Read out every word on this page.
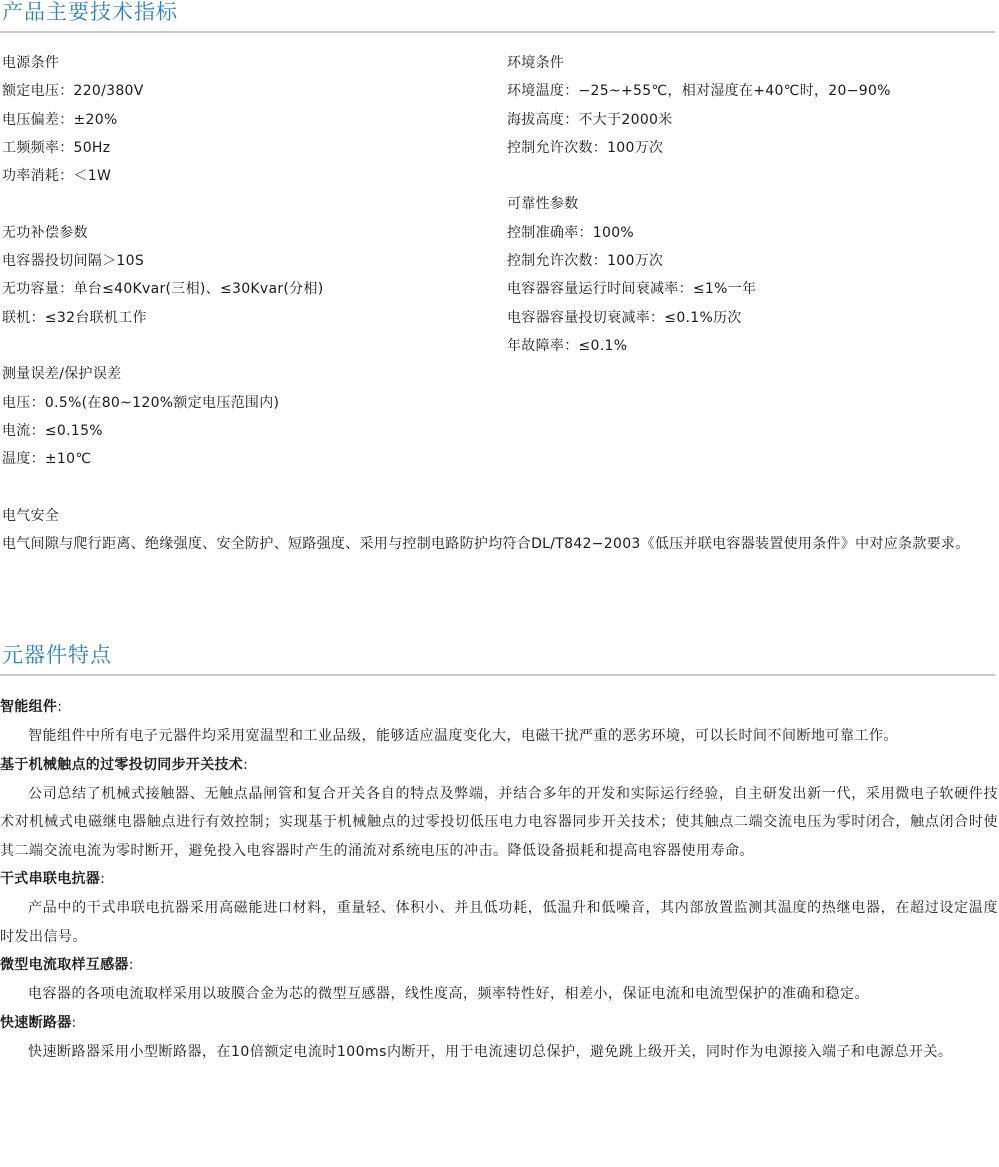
产品主要技术指标
电源条件
额定电压：220/380V
电压偏差：±20%
工频频率：50Hz
功率消耗：＜1W
无功补偿参数
电容器投切间隔＞10S
无功容量：单台≤40Kvar(三相)、≤30Kvar(分相)
联机：≤32台联机工作
测量误差/保护误差
电压：0.5%(在80~120%额定电压范围内)
电流：≤0.15%
温度：±10℃
电气安全
电气间隙与爬行距离、绝缘强度、安全防护、短路强度、采用与控制电路防护均符合DL/T842−2003《低压并联电容器装置使用条件》中对应条款要求。
环境条件
环境温度：−25~+55℃，相对湿度在+40℃时，20−90%
海拔高度：不大于2000米
控制允许次数：100万次
可靠性参数
控制准确率：100%
控制允许次数：100万次
电容器容量运行时间衰减率：≤1%一年
电容器容量投切衰减率：≤0.1%历次
年故障率：≤0.1%
元器件特点
智能组件:

智能组件中所有电子元器件均采用宽温型和工业品级，能够适应温度变化大，电磁干扰严重的恶劣环境，可以长时间不间断地可靠工作。

基于机械触点的过零投切同步开关技术:

公司总结了机械式接触器、无触点晶闸管和复合开关各自的特点及弊端，并结合多年的开发和实际运行经验，自主研发出新一代，采用微电子软硬件技术对机械式电磁继电器触点进行有效控制；实现基于机械触点的过零投切低压电力电容器同步开关技术；使其触点二端交流电压为零时闭合，触点闭合时使其二端交流电流为零时断开，避免投入电容器时产生的涌流对系统电压的冲击。降低设备损耗和提高电容器使用寿命。

干式串联电抗器:

产品中的干式串联电抗器采用高磁能进口材料，重量轻、体积小、并且低功耗，低温升和低噪音，其内部放置监测其温度的热继电器，在超过设定温度时发出信号。

微型电流取样互感器:

电容器的各项电流取样采用以玻膜合金为芯的微型互感器，线性度高，频率特性好，相差小，保证电流和电流型保护的准确和稳定。

快速断路器:

快速断路器采用小型断路器，在10倍额定电流时100ms内断开，用于电流速切总保护，避免跳上级开关，同时作为电源接入端子和电源总开关。
